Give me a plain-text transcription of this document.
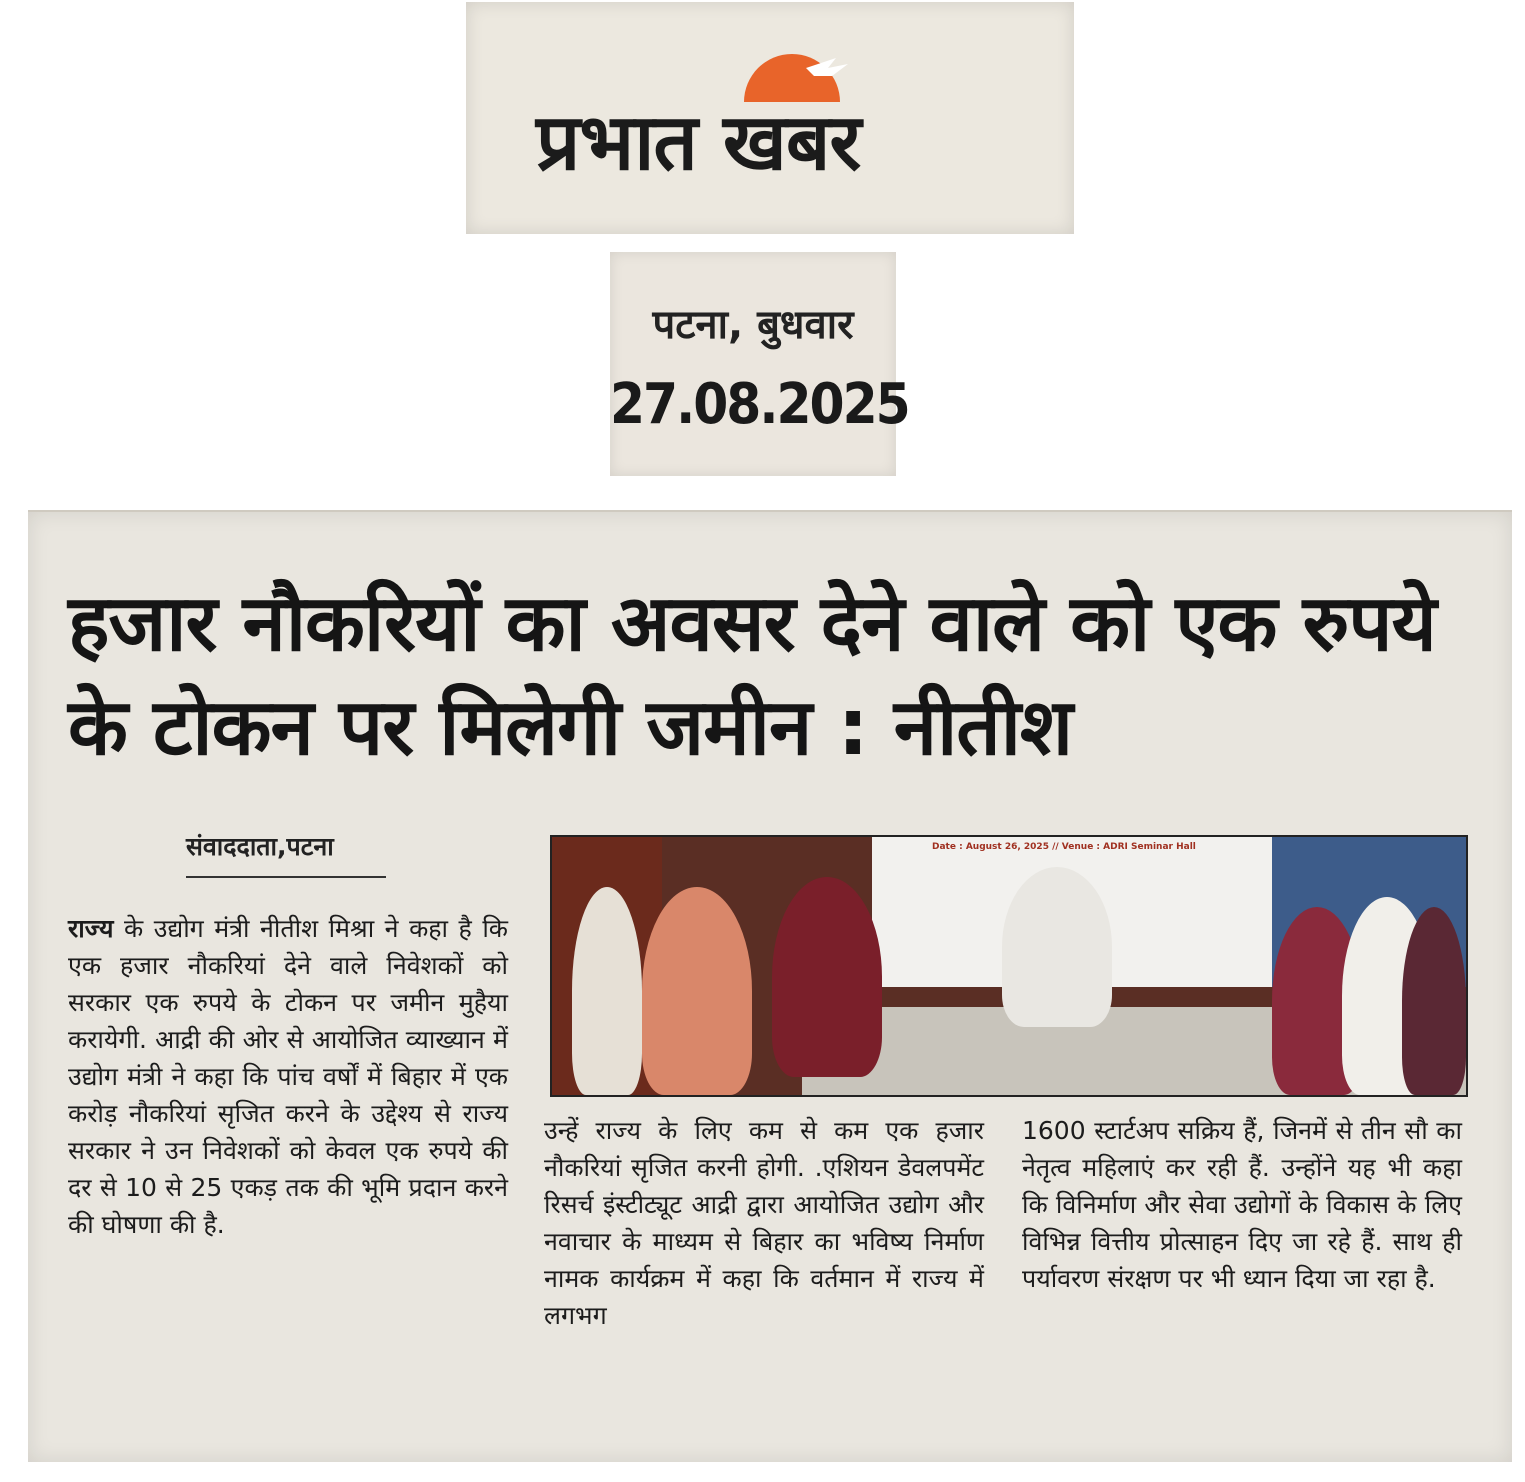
प्रभात खबर
पटना, बुधवार
27.08.2025
हजार नौकरियों का अवसर देने वाले को एक रुपये के टोकन पर मिलेगी जमीन : नीतीश
संवाददाता,पटना	Date : August 26, 2025 // Venue : ADRI Seminar Hall
राज्य के उद्योग मंत्री नीतीश मिश्रा ने कहा है कि एक हजार नौकरियां देने वाले निवेशकों को सरकार एक रुपये के टोकन पर जमीन मुहैया करायेगी. आद्री की ओर से आयोजित व्याख्यान में उद्योग मंत्री ने कहा कि पांच वर्षों में बिहार में एक करोड़ नौकरियां सृजित करने के उद्देश्य से राज्य सरकार ने उन निवेशकों को केवल एक रुपये की दर से 10 से 25 एकड़ तक की भूमि प्रदान करने की घोषणा की है.
उन्हें राज्य के लिए कम से कम एक हजार नौकरियां सृजित करनी होगी. .एशियन डेवलपमेंट रिसर्च इंस्टीट्यूट आद्री द्वारा आयोजित उद्योग और नवाचार के माध्यम से बिहार का भविष्य निर्माण नामक कार्यक्रम में कहा कि वर्तमान में राज्य में लगभग
1600 स्टार्टअप सक्रिय हैं, जिनमें से तीन सौ का नेतृत्व महिलाएं कर रही हैं. उन्होंने यह भी कहा कि विनिर्माण और सेवा उद्योगों के विकास के लिए विभिन्न वित्तीय प्रोत्साहन दिए जा रहे हैं. साथ ही पर्यावरण संरक्षण पर भी ध्यान दिया जा रहा है.
